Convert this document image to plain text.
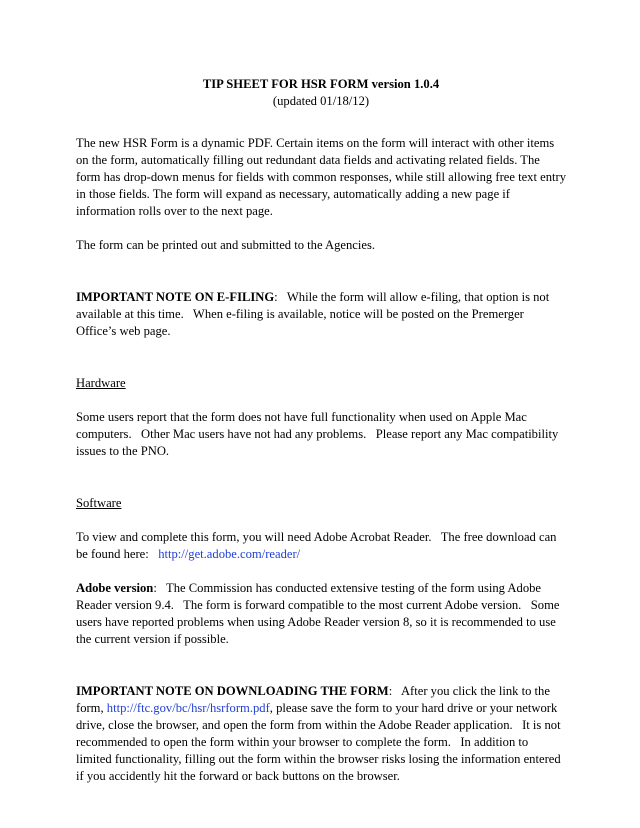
TIP SHEET FOR HSR FORM version 1.0.4
(updated 01/18/12)

The new HSR Form is a dynamic PDF. Certain items on the form will interact with other items on the form, automatically filling out redundant data fields and activating related fields. The form has drop-down menus for fields with common responses, while still allowing free text entry in those fields. The form will expand as necessary, automatically adding a new page if information rolls over to the next page.

The form can be printed out and submitted to the Agencies.

IMPORTANT NOTE ON E-FILING:   While the form will allow e-filing, that option is not available at this time.   When e-filing is available, notice will be posted on the Premerger Office’s web page.

Hardware

Some users report that the form does not have full functionality when used on Apple Mac computers.   Other Mac users have not had any problems.   Please report any Mac compatibility issues to the PNO.

Software

To view and complete this form, you will need Adobe Acrobat Reader.   The free download can be found here:   http://get.adobe.com/reader/

Adobe version:   The Commission has conducted extensive testing of the form using Adobe Reader version 9.4.   The form is forward compatible to the most current Adobe version.   Some users have reported problems when using Adobe Reader version 8, so it is recommended to use the current version if possible.

IMPORTANT NOTE ON DOWNLOADING THE FORM:   After you click the link to the form, http://ftc.gov/bc/hsr/hsrform.pdf, please save the form to your hard drive or your network drive, close the browser, and open the form from within the Adobe Reader application.   It is not recommended to open the form within your browser to complete the form.   In addition to limited functionality, filling out the form within the browser risks losing the information entered if you accidently hit the forward or back buttons on the browser.
